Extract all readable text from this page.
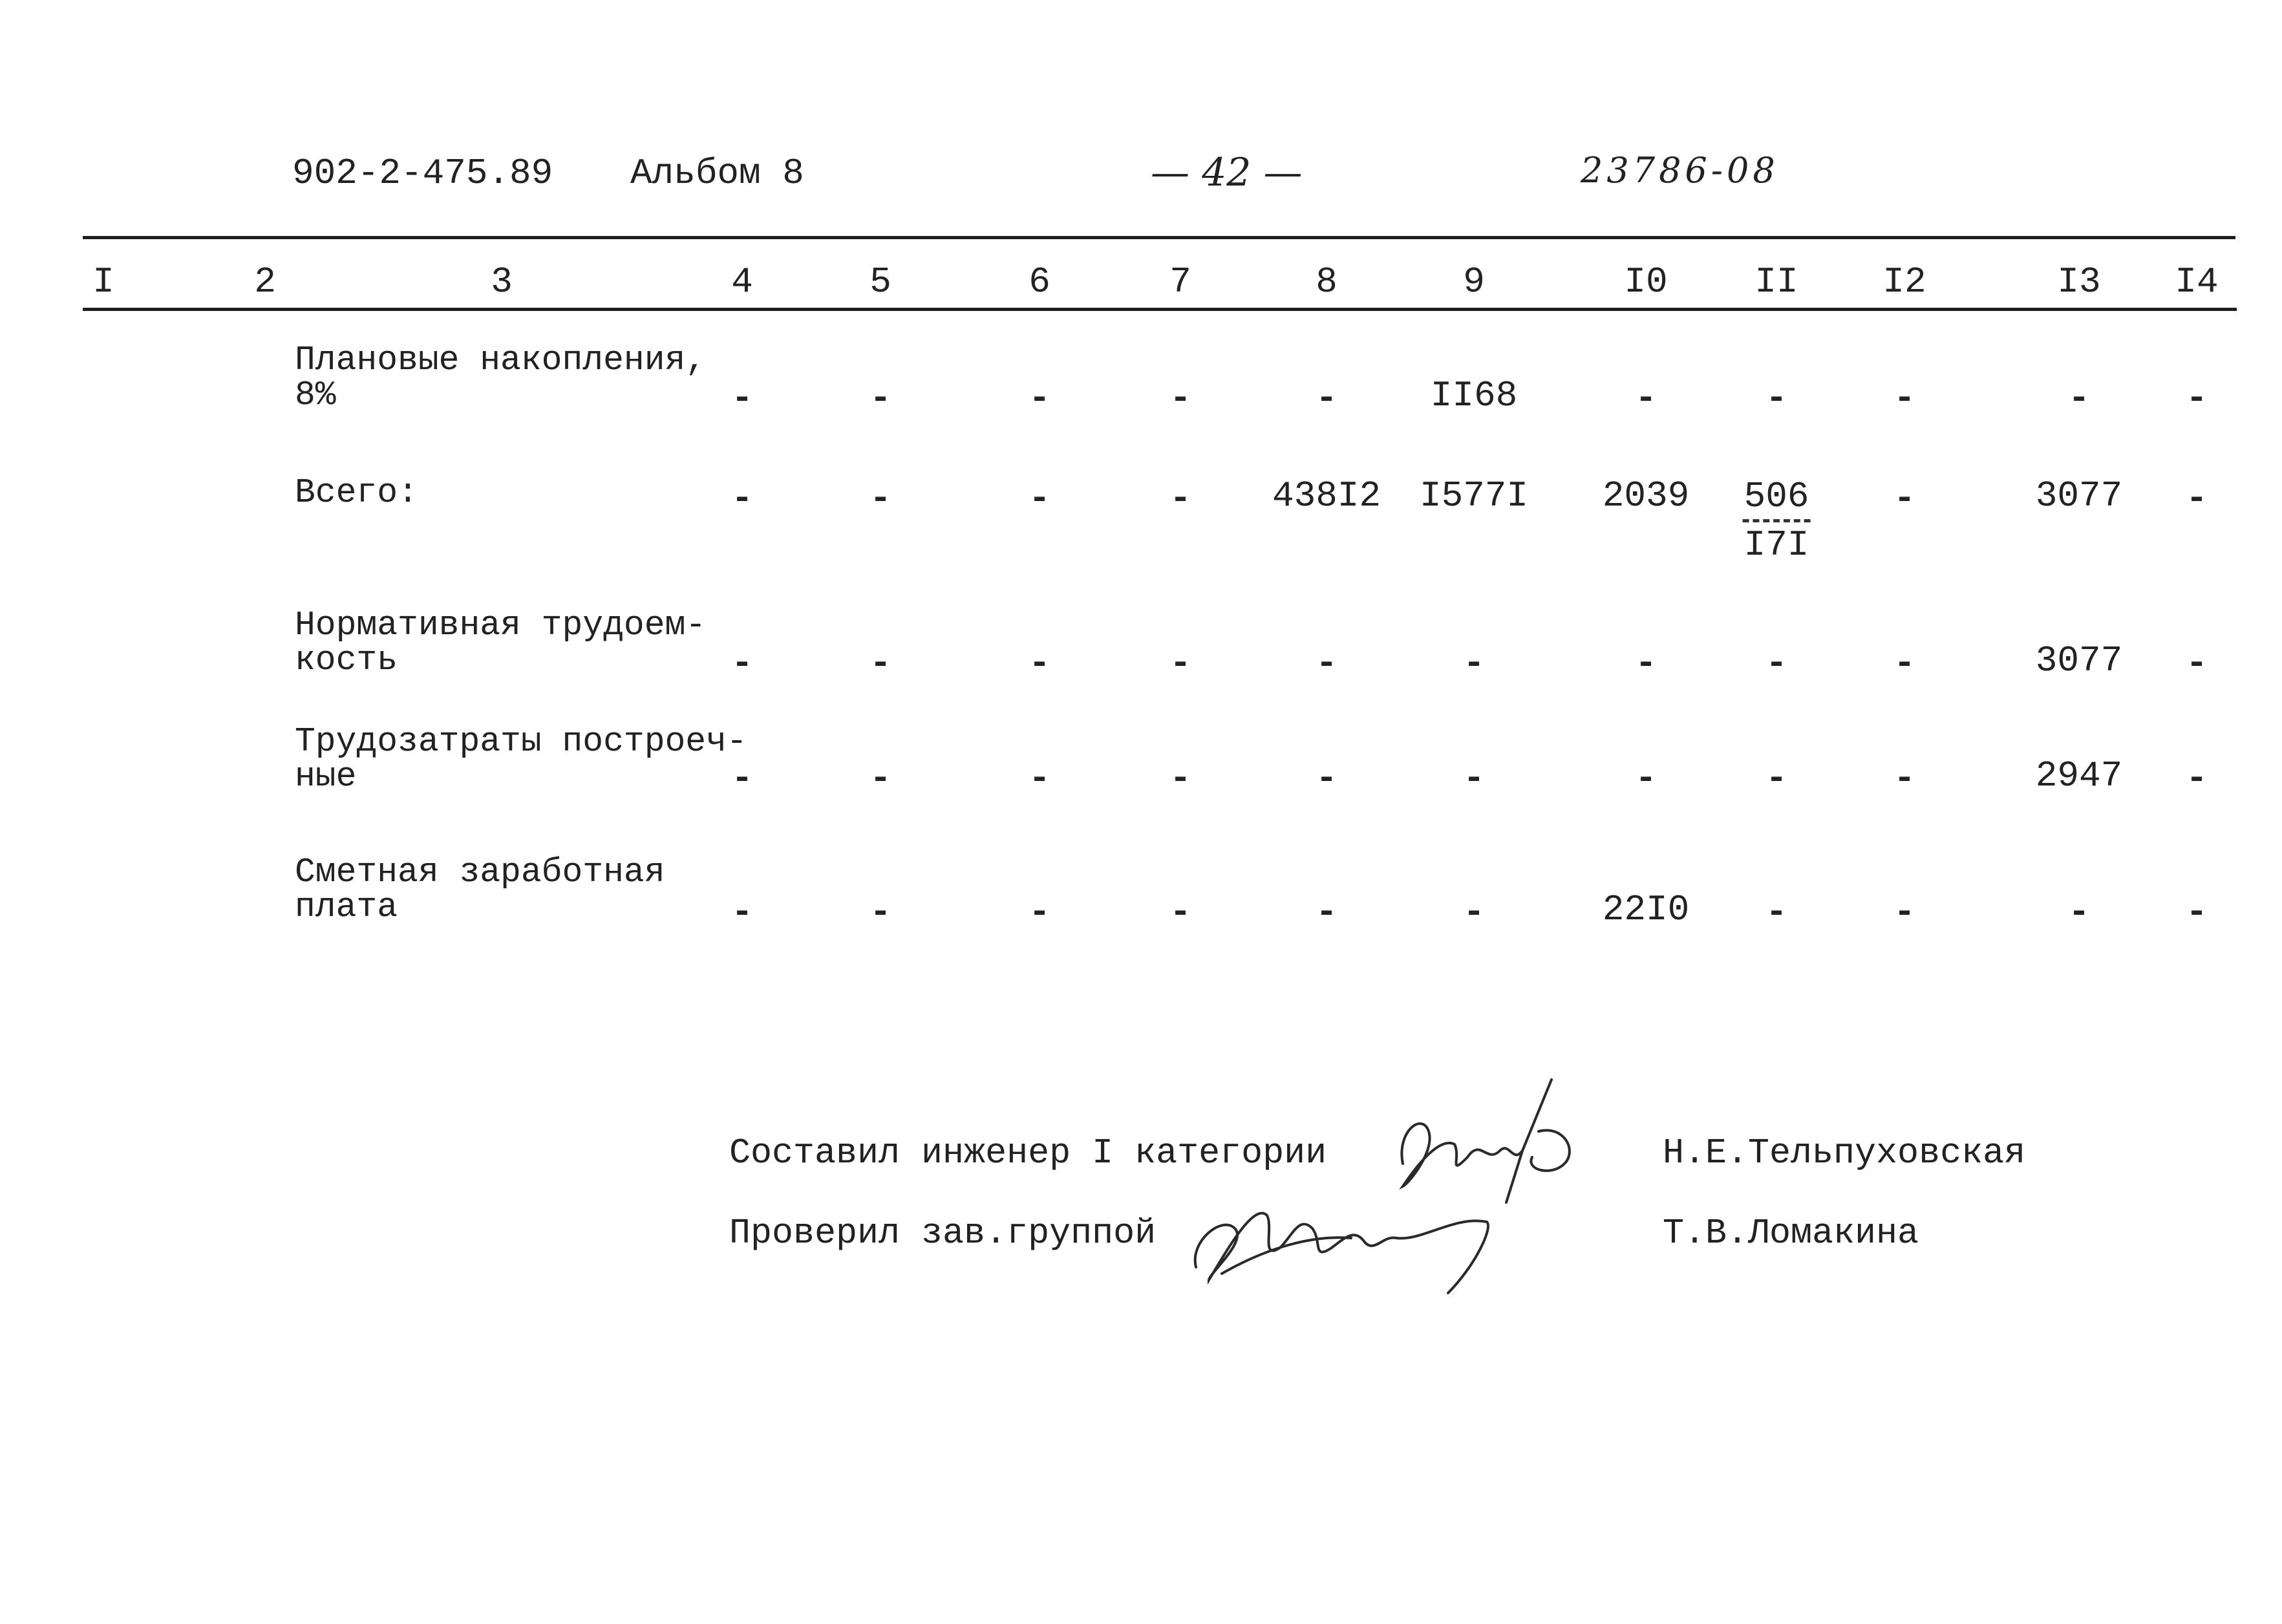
902-2-475.89 Альбом 8	— 42 —	23786-08
I	2	3	4	5	6	7	8	9	I0 II I2	I3 I4
Плановые накопления,
8%	-	-	-	-	-	II68	-	-	-	-	-
Всего:	-	-	-	- 438I2 I577I $2039 \frac{506}{I7I}$ -	3077 -
Нормативная трудоем-
кость	-	-	-	-	-	-	-	-	-	3077 -
Трудозатраты построеч-
ные	-	-	-	-	-	-	-	-	-	2947 -
Сметная заработная
плата	-	-	-	-	-	-	22I0 -	-	-	-
Составил инженер I категории	Н.Е.Тельпуховская
Проверил зав.группой	Т.В.Ломакина
